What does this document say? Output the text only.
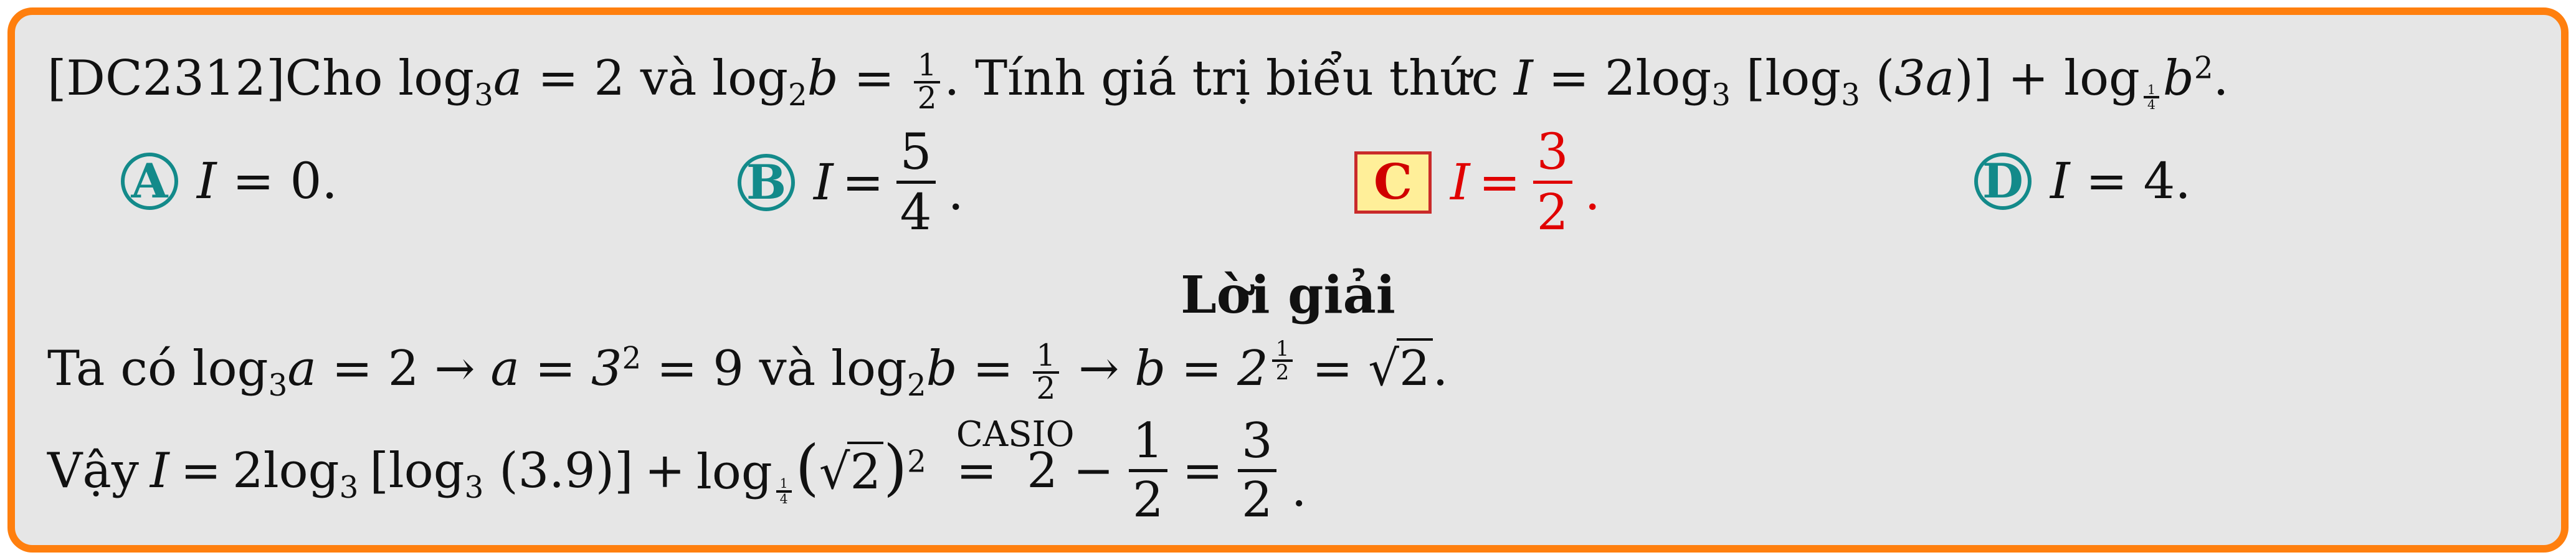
[DC2312]Cho $\log_3a = 2$ và $\log_2b = \frac{1}{2}$ . Tính giá trị biểu thức $I = 2\log_3$ [$\log_3$ (3a)] + log $_{\frac{1}{4}}$ $b^2$.
A I = 0.	B $I = \frac{5}{4}$ .	C $I = \frac{3}{2}$ .	D I = 4.
Lời giải
Ta có $\log_3a = 2 \to a = 3^2 = 9$ và $\log_2b = \frac{1}{2} \to b = 2$ $^{\frac{1}{2}}$ = √2.
Vậy $I = 2\log_3$ [$\log_3$ (3.9)] + log $_{\frac{1}{4}}$ $(√2)^2$
CASIO
= $2 - \frac{1}{2} = \frac{3}{2}$ .
